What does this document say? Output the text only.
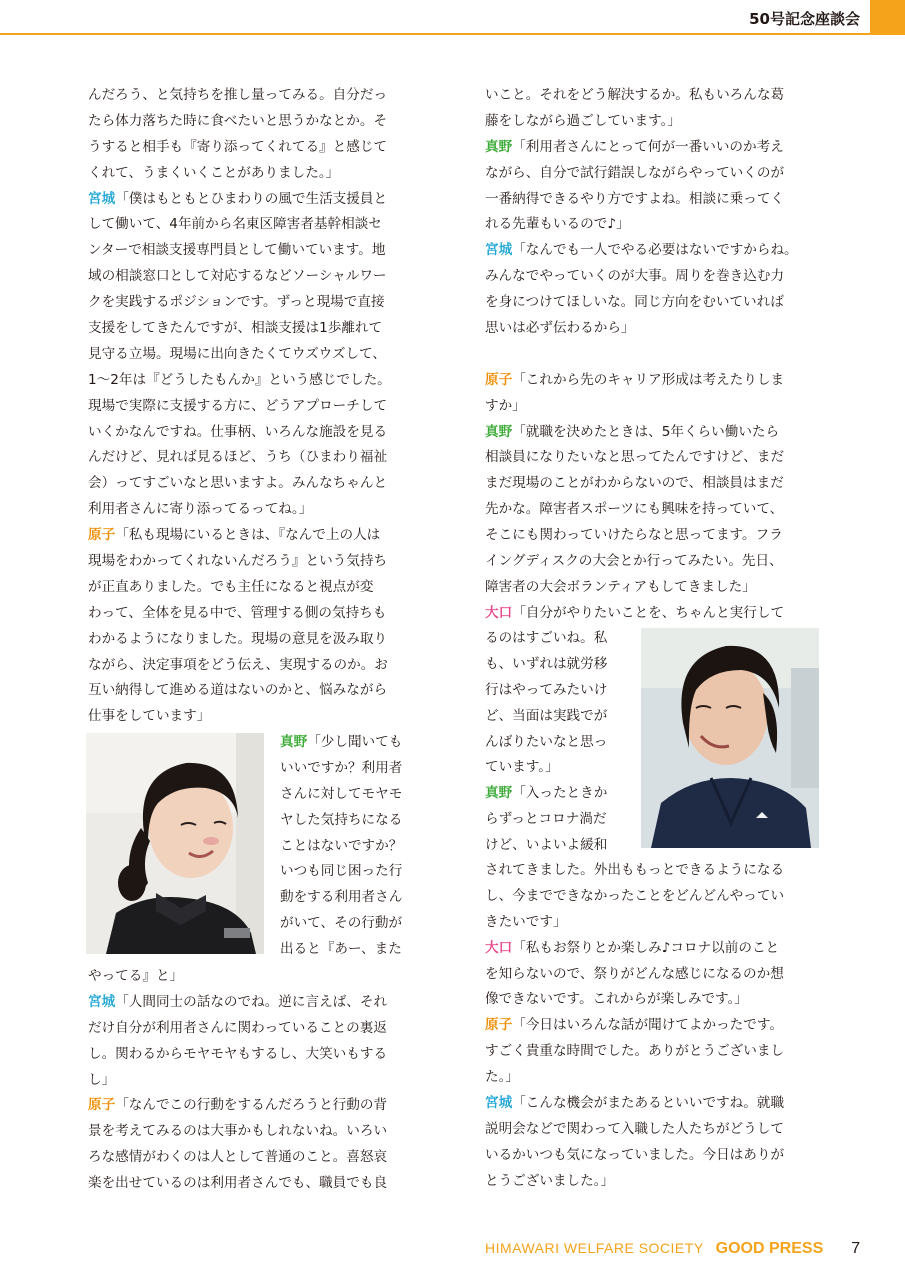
50号記念座談会
んだろう、と気持ちを推し量ってみる。自分だっ
たら体力落ちた時に食べたいと思うかなとか。そ
うすると相手も『寄り添ってくれてる』と感じて
くれて、うまくいくことがありました。」
宮城「僕はもともとひまわりの風で生活支援員と
して働いて、4年前から名東区障害者基幹相談セ
ンターで相談支援専門員として働いています。地
域の相談窓口として対応するなどソーシャルワー
クを実践するポジションです。ずっと現場で直接
支援をしてきたんですが、相談支援は1歩離れて
見守る立場。現場に出向きたくてウズウズして、
1〜2年は『どうしたもんか』という感じでした。
現場で実際に支援する方に、どうアプローチして
いくかなんですね。仕事柄、いろんな施設を見る
んだけど、見れば見るほど、うち（ひまわり福祉
会）ってすごいなと思いますよ。みんなちゃんと
利用者さんに寄り添ってるってね。」
原子「私も現場にいるときは、『なんで上の人は
現場をわかってくれないんだろう』という気持ち
が正直ありました。でも主任になると視点が変
わって、全体を見る中で、管理する側の気持ちも
わかるようになりました。現場の意見を汲み取り
ながら、決定事項をどう伝え、実現するのか。お
互い納得して進める道はないのかと、悩みながら
仕事をしています」
真野「少し聞いても
いいですか？利用者
さんに対してモヤモ
ヤした気持ちになる
ことはないですか？
いつも同じ困った行
動をする利用者さん
がいて、その行動が
出ると『あー、また
やってる』と」
宮城「人間同士の話なのでね。逆に言えば、それ
だけ自分が利用者さんに関わっていることの裏返
し。関わるからモヤモヤもするし、大笑いもする
し」
原子「なんでこの行動をするんだろうと行動の背
景を考えてみるのは大事かもしれないね。いろい
ろな感情がわくのは人として普通のこと。喜怒哀
楽を出せているのは利用者さんでも、職員でも良
いこと。それをどう解決するか。私もいろんな葛
藤をしながら過ごしています。」
真野「利用者さんにとって何が一番いいのか考え
ながら、自分で試行錯誤しながらやっていくのが
一番納得できるやり方ですよね。相談に乗ってく
れる先輩もいるので♪」
宮城「なんでも一人でやる必要はないですからね。
みんなでやっていくのが大事。周りを巻き込む力
を身につけてほしいな。同じ方向をむいていれば
思いは必ず伝わるから」
原子「これから先のキャリア形成は考えたりしま
すか」
真野「就職を決めたときは、5年くらい働いたら
相談員になりたいなと思ってたんですけど、まだ
まだ現場のことがわからないので、相談員はまだ
先かな。障害者スポーツにも興味を持っていて、
そこにも関わっていけたらなと思ってます。フラ
イングディスクの大会とか行ってみたい。先日、
障害者の大会ボランティアもしてきました」
大口「自分がやりたいことを、ちゃんと実行して
るのはすごいね。私
も、いずれは就労移
行はやってみたいけ
ど、当面は実践でが
んばりたいなと思っ
ています。」
真野「入ったときか
らずっとコロナ渦だ
けど、いよいよ緩和
されてきました。外出ももっとできるようになる
し、今までできなかったことをどんどんやってい
きたいです」
大口「私もお祭りとか楽しみ♪コロナ以前のこと
を知らないので、祭りがどんな感じになるのか想
像できないです。これからが楽しみです。」
原子「今日はいろんな話が聞けてよかったです。
すごく貴重な時間でした。ありがとうございまし
た。」
宮城「こんな機会がまたあるといいですね。就職
説明会などで関わって入職した人たちがどうして
いるかいつも気になっていました。今日はありが
とうございました。」
HIMAWARI WELFARE SOCIETY GOOD PRESS 7
